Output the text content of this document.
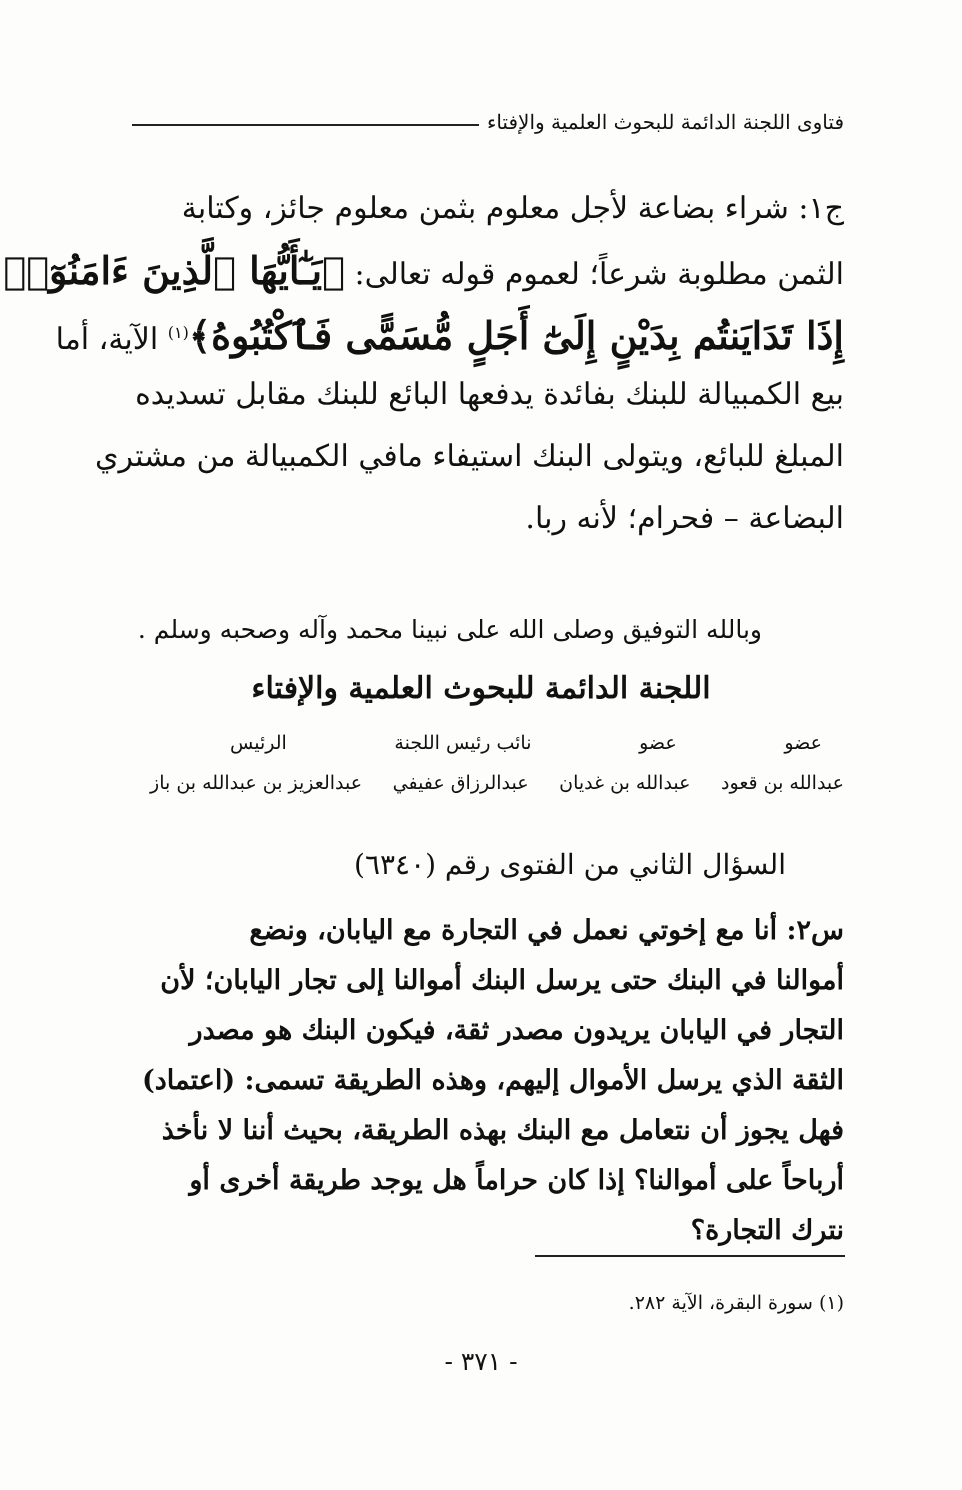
فتاوى اللجنة الدائمة للبحوث العلمية والإفتاء
ج١: شراء بضاعة لأجل معلوم بثمن معلوم جائز، وكتابة
الثمن مطلوبة شرعاً؛ لعموم قوله تعالى: ﴿يَـٰٓأَيُّهَا ٱلَّذِينَ ءَامَنُوٓا۟
إِذَا تَدَايَنتُم بِدَيْنٍ إِلَىٰٓ أَجَلٍ مُّسَمًّى فَٱكْتُبُوهُ﴾$^{(١)}$ الآية، أما
بيع الكمبيالة للبنك بفائدة يدفعها البائع للبنك مقابل تسديده
المبلغ للبائع، ويتولى البنك استيفاء مافي الكمبيالة من مشتري
البضاعة – فحرام؛ لأنه ربا.
وبالله التوفيق وصلى الله على نبينا محمد وآله وصحبه وسلم .
اللجنة الدائمة للبحوث العلمية والإفتاء
عضو
عضو
نائب رئيس اللجنة
الرئيس
عبدالله بن قعود
عبدالله بن غديان
عبدالرزاق عفيفي
عبدالعزيز بن عبدالله بن باز
السؤال الثاني من الفتوى رقم (٦٣٤٠)
س٢: أنا مع إخوتي نعمل في التجارة مع اليابان، ونضع
أموالنا في البنك حتى يرسل البنك أموالنا إلى تجار اليابان؛ لأن
التجار في اليابان يريدون مصدر ثقة، فيكون البنك هو مصدر
الثقة الذي يرسل الأموال إليهم، وهذه الطريقة تسمى: (اعتماد)
فهل يجوز أن نتعامل مع البنك بهذه الطريقة، بحيث أننا لا نأخذ
أرباحاً على أموالنا؟ إذا كان حراماً هل يوجد طريقة أخرى أو
نترك التجارة؟
(١) سورة البقرة، الآية ٢٨٢.
- ٣٧١ -
